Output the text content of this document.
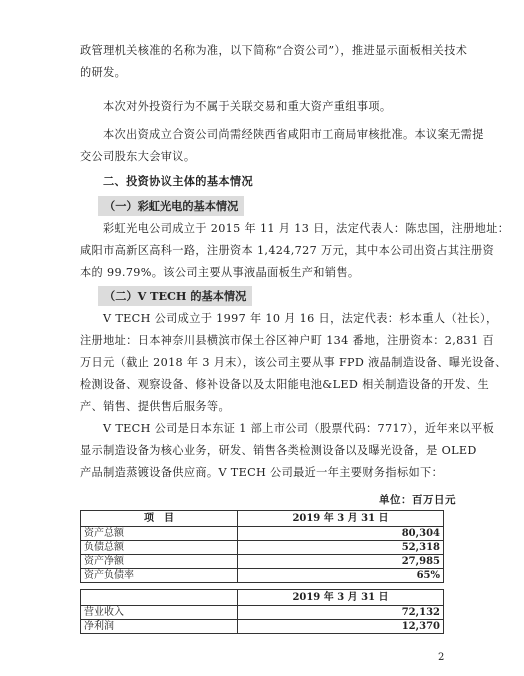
政管理机关核准的名称为准，以下简称“合资公司”），推进显示面板相关技术
的研发。
本次对外投资行为不属于关联交易和重大资产重组事项。
本次出资成立合资公司尚需经陕西省咸阳市工商局审核批准。本议案无需提
交公司股东大会审议。
二、投资协议主体的基本情况
（一）彩虹光电的基本情况
彩虹光电公司成立于 2015 年 11 月 13 日，法定代表人：陈忠国，注册地址：
咸阳市高新区高科一路，注册资本 1,424,727 万元，其中本公司出资占其注册资
本的 99.79%。该公司主要从事液晶面板生产和销售。
（二）V TECH 的基本情况
V TECH 公司成立于 1997 年 10 月 16 日，法定代表：杉本重人（社长），
注册地址：日本神奈川县横滨市保土谷区神户町 134 番地，注册资本：2,831 百
万日元（截止 2018 年 3 月末），该公司主要从事 FPD 液晶制造设备、曝光设备、
检测设备、观察设备、修补设备以及太阳能电池&LED 相关制造设备的开发、生
产、销售、提供售后服务等。
V TECH 公司是日本东证 1 部上市公司（股票代码：7717），近年来以平板
显示制造设备为核心业务，研发、销售各类检测设备以及曝光设备，是 OLED
产品制造蒸镀设备供应商。V TECH 公司最近一年主要财务指标如下：
单位：百万日元
项　目	2019 年 3 月 31 日
资产总额	80,304
负债总额	52,318
资产净额	27,985
资产负债率	65%

	2019 年 3 月 31 日
营业收入	72,132
净利润	12,370
2
